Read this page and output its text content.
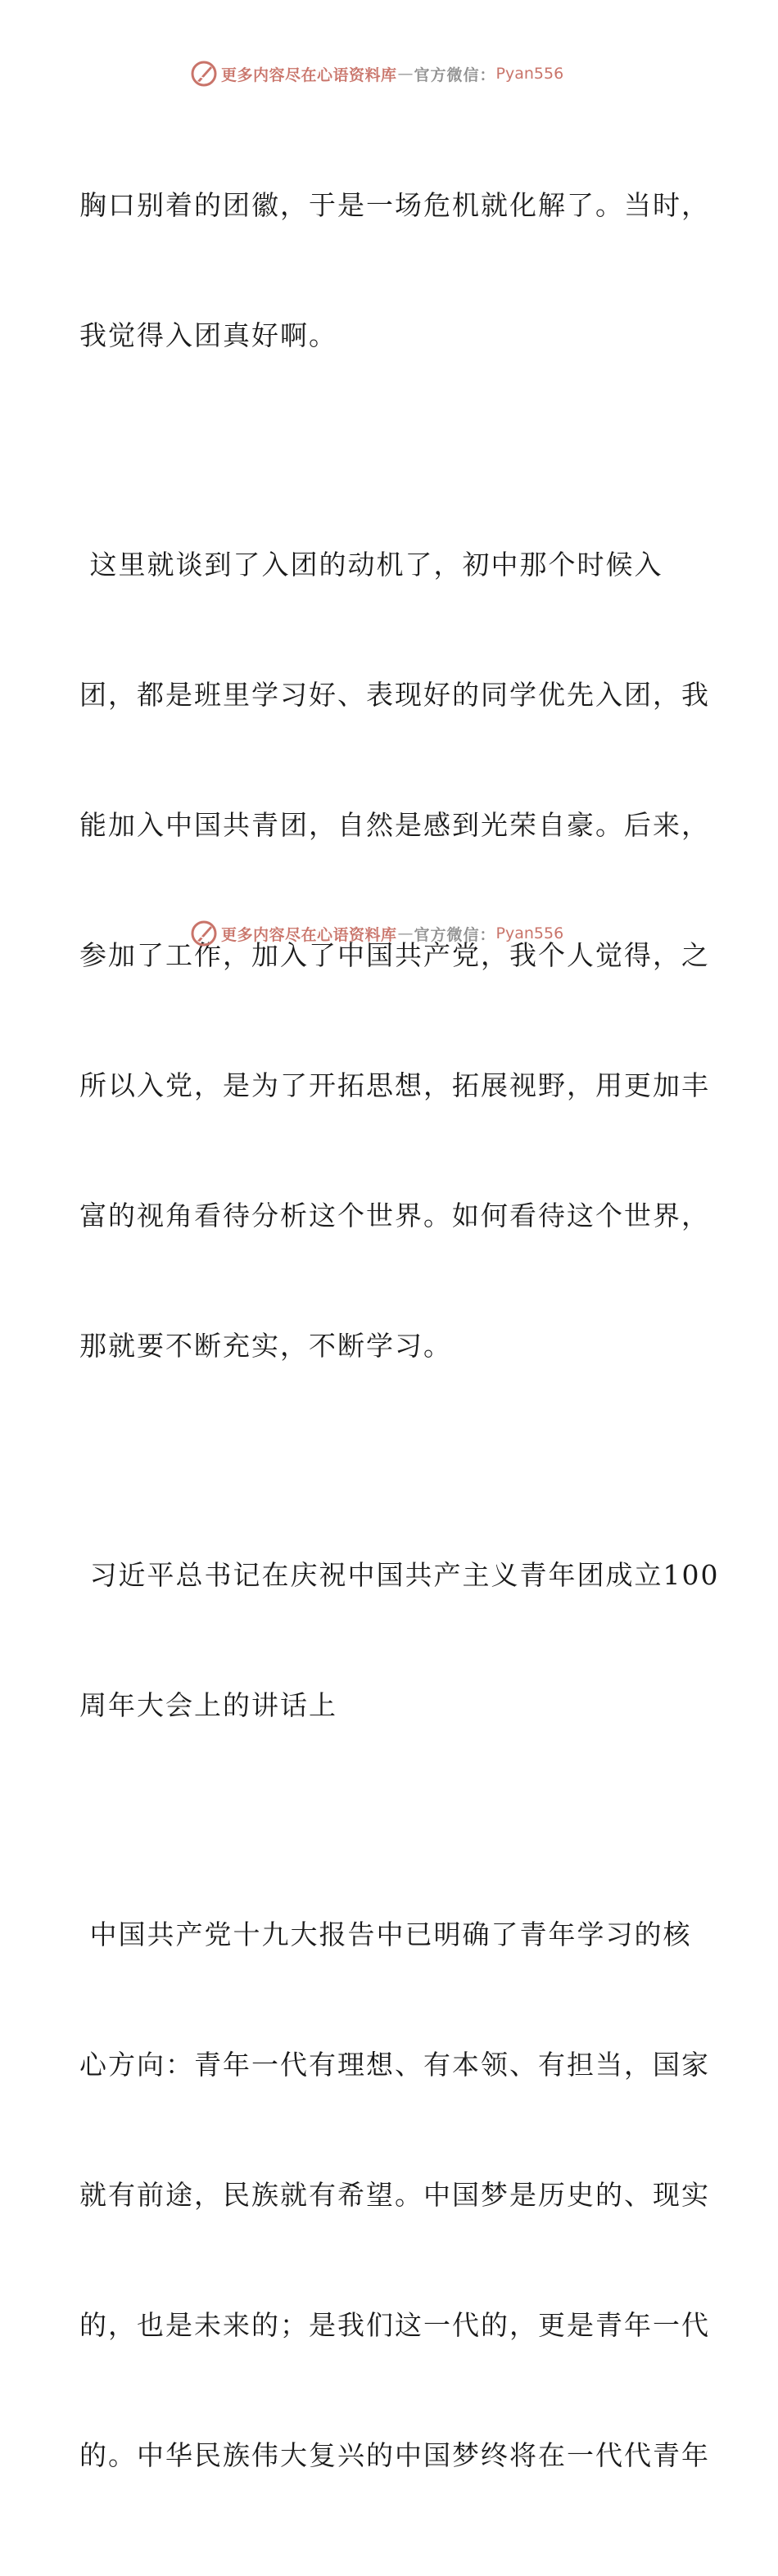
更多内容尽在心语资料库 — 官方微信： Pyan556

胸口别着的团徽，于是一场危机就化解了。当时，

我觉得入团真好啊。

这里就谈到了入团的动机了，初中那个时候入

团，都是班里学习好、表现好的同学优先入团，我

能加入中国共青团，自然是感到光荣自豪。后来，

参加了工作，加入了中国共产党，我个人觉得，之

所以入党，是为了开拓思想，拓展视野，用更加丰

富的视角看待分析这个世界。如何看待这个世界，

那就要不断充实，不断学习。

习近平总书记在庆祝中国共产主义青年团成立100

周年大会上的讲话上

中国共产党十九大报告中已明确了青年学习的核

心方向：青年一代有理想、有本领、有担当，国家

就有前途，民族就有希望。中国梦是历史的、现实

的，也是未来的；是我们这一代的，更是青年一代

的。中华民族伟大复兴的中国梦终将在一代代青年

更多内容尽在心语资料库 — 官方微信： Pyan556
